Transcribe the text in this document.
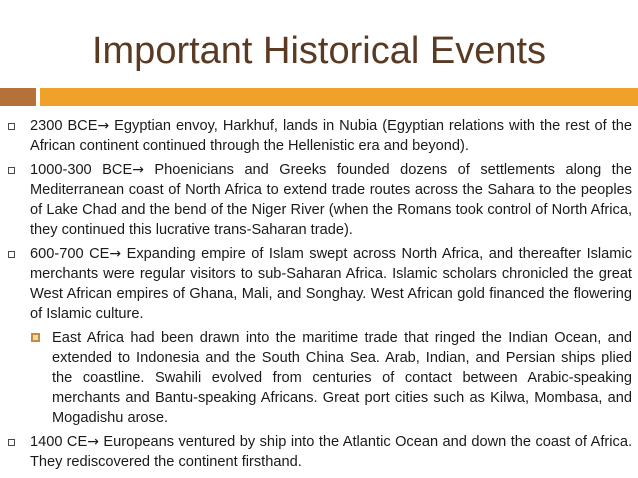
Important Historical Events
2300 BCE→ Egyptian envoy, Harkhuf, lands in Nubia (Egyptian relations with the rest of the African continent continued through the Hellenistic era and beyond).
1000-300 BCE→ Phoenicians and Greeks founded dozens of settlements along the Mediterranean coast of North Africa to extend trade routes across the Sahara to the peoples of Lake Chad and the bend of the Niger River (when the Romans took control of North Africa, they continued this lucrative trans-Saharan trade).
600-700 CE→ Expanding empire of Islam swept across North Africa, and thereafter Islamic merchants were regular visitors to sub-Saharan Africa. Islamic scholars chronicled the great West African empires of Ghana, Mali, and Songhay. West African gold financed the flowering of Islamic culture.
East Africa had been drawn into the maritime trade that ringed the Indian Ocean, and extended to Indonesia and the South China Sea. Arab, Indian, and Persian ships plied the coastline. Swahili evolved from centuries of contact between Arabic-speaking merchants and Bantu-speaking Africans. Great port cities such as Kilwa, Mombasa, and Mogadishu arose.
1400 CE→ Europeans ventured by ship into the Atlantic Ocean and down the coast of Africa. They rediscovered the continent firsthand.
